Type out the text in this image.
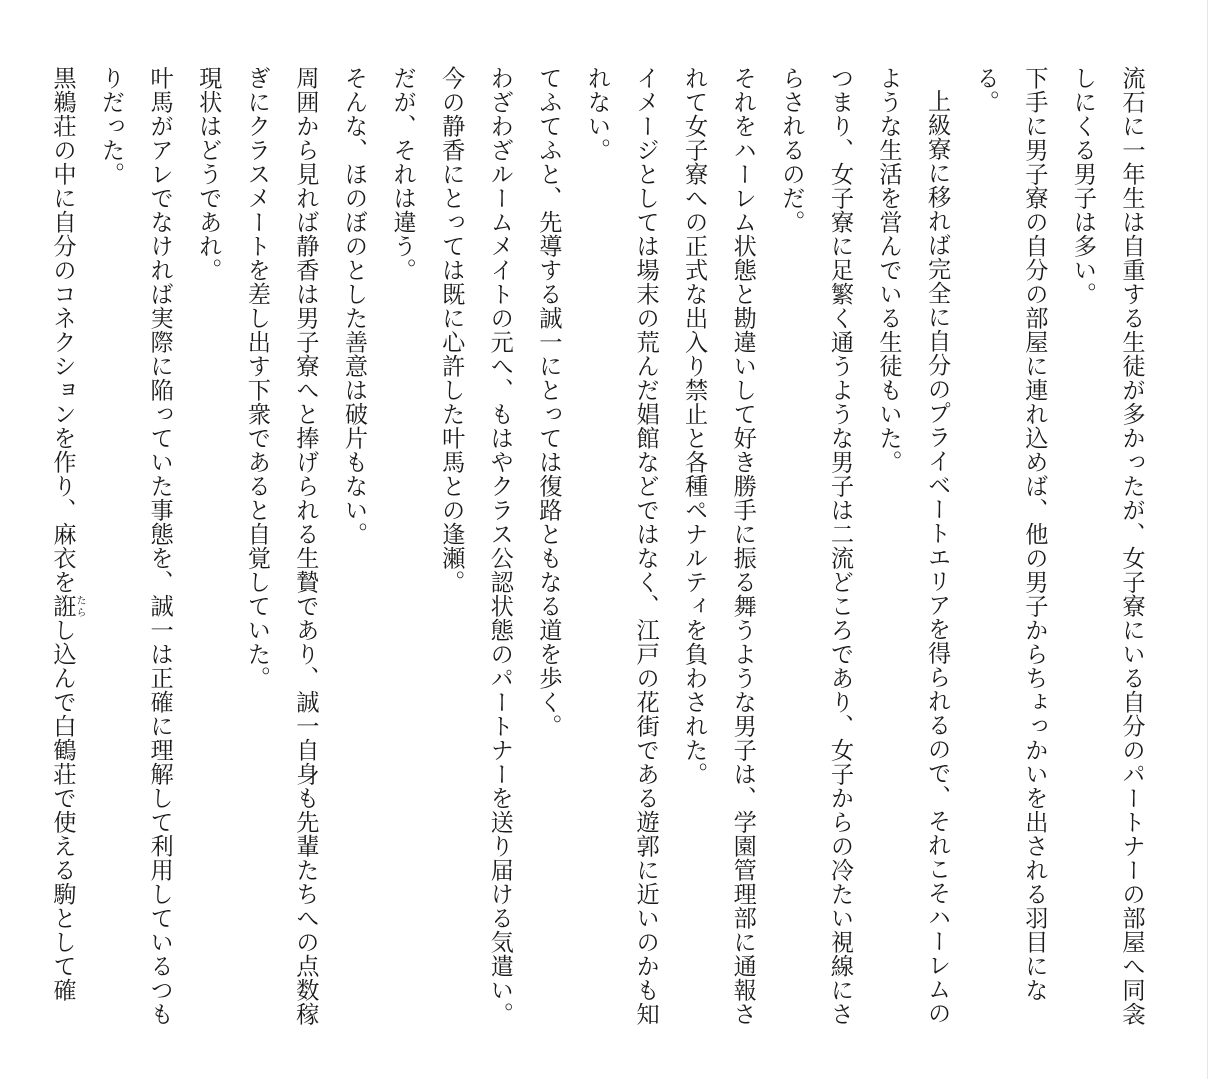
流石に一年生は自重する生徒が多かったが、女子寮にいる自分のパートナーの部屋へ同衾しにくる男子は多い。

下手に男子寮の自分の部屋に連れ込めば、他の男子からちょっかいを出される羽目になる。

上級寮に移れば完全に自分のプライベートエリアを得られるので、それこそハーレムのような生活を営んでいる生徒もいた。

つまり、女子寮に足繁く通うような男子は二流どころであり、女子からの冷たい視線にさらされるのだ。

それをハーレム状態と勘違いして好き勝手に振る舞うような男子は、学園管理部に通報されて女子寮への正式な出入り禁止と各種ペナルティを負わされた。

イメージとしては場末の荒んだ娼館などではなく、江戸の花街である遊郭に近いのかも知れない。

てふてふと、先導する誠一にとっては復路ともなる道を歩く。

わざわざルームメイトの元へ、もはやクラス公認状態のパートナーを送り届ける気遣い。

今の静香にとっては既に心許した叶馬との逢瀬。

だが、それは違う。

そんな、ほのぼのとした善意は破片もない。

周囲から見れば静香は男子寮へと捧げられる生贄であり、誠一自身も先輩たちへの点数稼ぎにクラスメートを差し出す下衆であると自覚していた。

現状はどうであれ。

叶馬がアレでなければ実際に陥っていた事態を、誠一は正確に理解して利用しているつもりだった。

黒鵜荘の中に自分のコネクションを作り、麻衣を誑たらし込んで白鶴荘で使える駒として確
